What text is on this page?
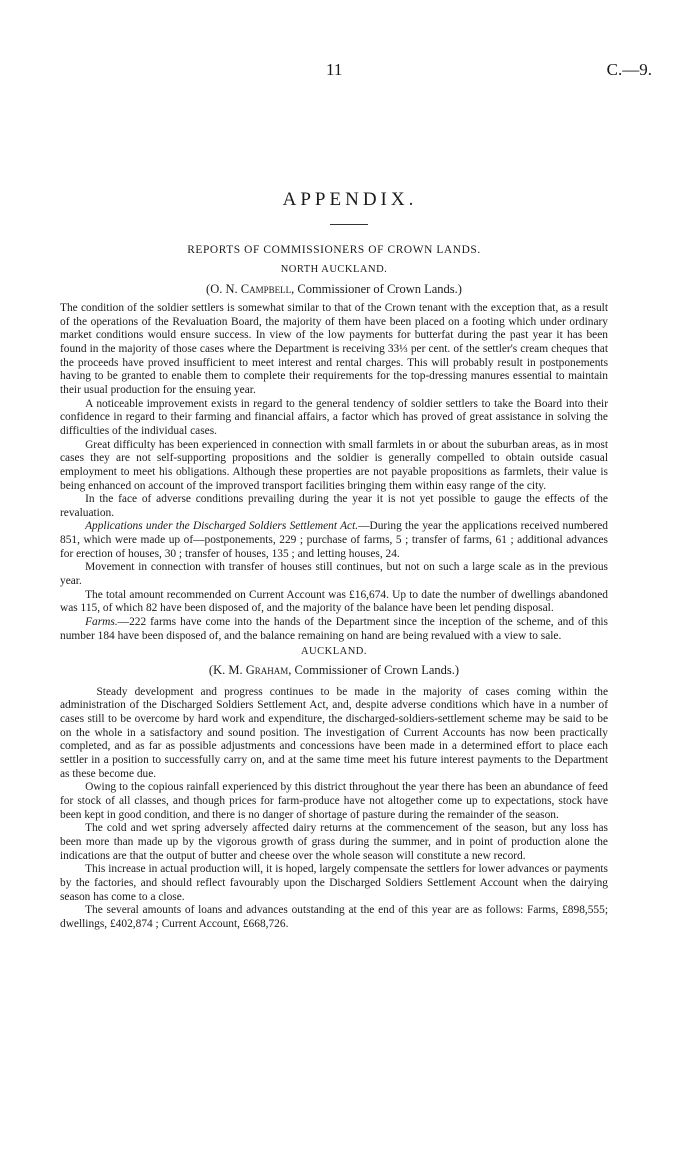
11	C.—9.
APPENDIX.
REPORTS OF COMMISSIONERS OF CROWN LANDS.
NORTH AUCKLAND.
(O. N. Campbell, Commissioner of Crown Lands.)

The condition of the soldier settlers is somewhat similar to that of the Crown tenant with the exception that, as a result of the operations of the Revaluation Board, the majority of them have been placed on a footing which under ordinary market conditions would ensure success. In view of the low payments for butterfat during the past year it has been found in the majority of those cases where the Department is receiving 33⅓ per cent. of the settler's cream cheques that the proceeds have proved insufficient to meet interest and rental charges. This will probably result in postponements having to be granted to enable them to complete their requirements for the top-dressing manures essential to maintain their usual production for the ensuing year.

A noticeable improvement exists in regard to the general tendency of soldier settlers to take the Board into their confidence in regard to their farming and financial affairs, a factor which has proved of great assistance in solving the difficulties of the individual cases.

Great difficulty has been experienced in connection with small farmlets in or about the suburban areas, as in most cases they are not self-supporting propositions and the soldier is generally compelled to obtain outside casual employment to meet his obligations. Although these properties are not payable propositions as farmlets, their value is being enhanced on account of the improved transport facilities bringing them within easy range of the city.

In the face of adverse conditions prevailing during the year it is not yet possible to gauge the effects of the revaluation.

Applications under the Discharged Soldiers Settlement Act.—During the year the applications received numbered 851, which were made up of—postponements, 229 ; purchase of farms, 5 ; transfer of farms, 61 ; additional advances for erection of houses, 30 ; transfer of houses, 135 ; and letting houses, 24.

Movement in connection with transfer of houses still continues, but not on such a large scale as in the previous year.

The total amount recommended on Current Account was £16,674. Up to date the number of dwellings abandoned was 115, of which 82 have been disposed of, and the majority of the balance have been let pending disposal.

Farms.—222 farms have come into the hands of the Department since the inception of the scheme, and of this number 184 have been disposed of, and the balance remaining on hand are being revalued with a view to sale.

AUCKLAND.
(K. M. Graham, Commissioner of Crown Lands.)

Steady development and progress continues to be made in the majority of cases coming within the administration of the Discharged Soldiers Settlement Act, and, despite adverse conditions which have in a number of cases still to be overcome by hard work and expenditure, the discharged-soldiers-settlement scheme may be said to be on the whole in a satisfactory and sound position. The investigation of Current Accounts has now been practically completed, and as far as possible adjustments and concessions have been made in a determined effort to place each settler in a position to successfully carry on, and at the same time meet his future interest payments to the Department as these become due.

Owing to the copious rainfall experienced by this district throughout the year there has been an abundance of feed for stock of all classes, and though prices for farm-produce have not altogether come up to expectations, stock have been kept in good condition, and there is no danger of shortage of pasture during the remainder of the season.

The cold and wet spring adversely affected dairy returns at the commencement of the season, but any loss has been more than made up by the vigorous growth of grass during the summer, and in point of production alone the indications are that the output of butter and cheese over the whole season will constitute a new record.

This increase in actual production will, it is hoped, largely compensate the settlers for lower advances or payments by the factories, and should reflect favourably upon the Discharged Soldiers Settlement Account when the dairying season has come to a close.

The several amounts of loans and advances outstanding at the end of this year are as follows: Farms, £898,555; dwellings, £402,874 ; Current Account, £668,726.
